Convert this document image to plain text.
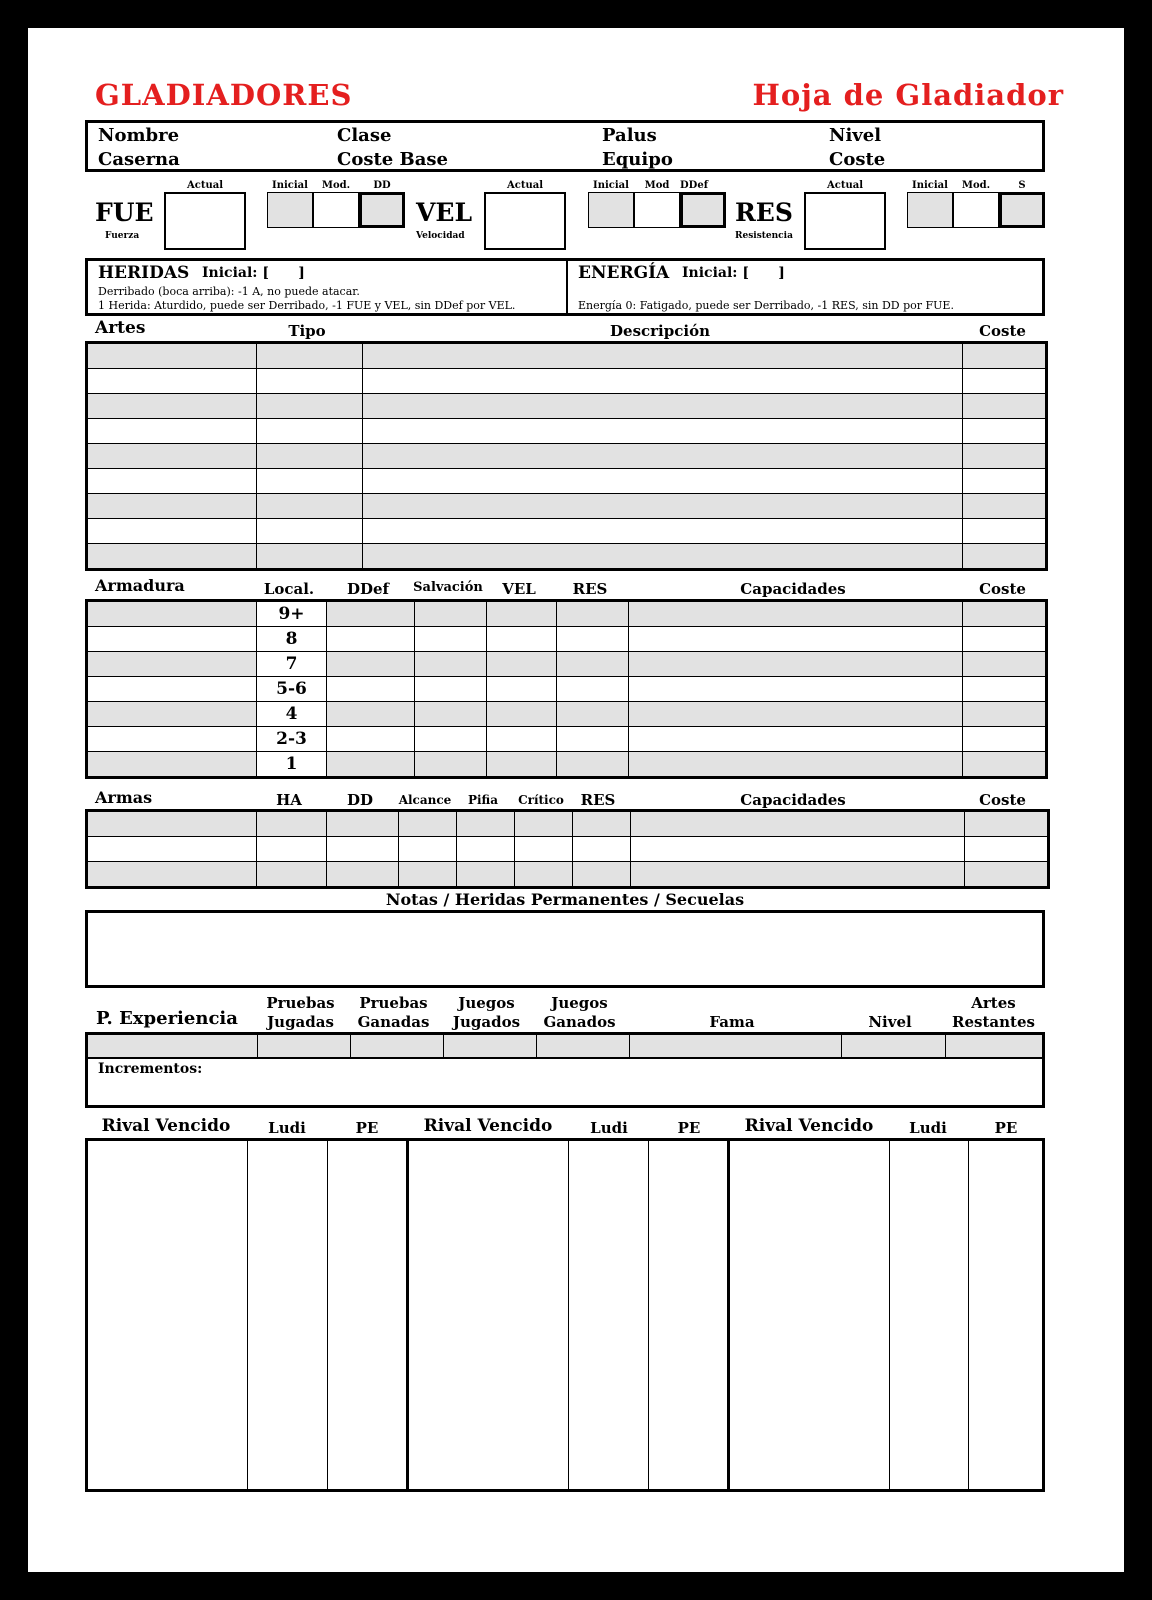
GLADIADORES	Hoja de Gladiador
Nombre
Caserna
Clase
Coste Base
Palus
Equipo
Nivel
Coste
FUE
Fuerza
Actual	Inicial	Mod.	DD
VEL
Velocidad
Actual	Inicial	Mod	DDef
RES
Resistencia
Actual	Inicial	Mod.	S
HERIDAS Inicial: [      ]
Derribado (boca arriba): -1 A, no puede atacar.
1 Herida: Aturdido, puede ser Derribado, -1 FUE y VEL, sin DDef por VEL.
ENERGÍA Inicial: [      ]
Energía 0: Fatigado, puede ser Derribado, -1 RES, sin DD por FUE.
Artes	Tipo	Descripción	Coste

Armadura	Local.	DDef	Salvación	VEL	RES	Capacidades	Coste
	9+						
	8						
	7						
	5-6						
	4						
	2-3						
	1						
Armas	HA	DD	Alcance	Pifia	Crítico	RES	Capacidades	Coste

Notas / Heridas Permanentes / Secuelas
P. Experiencia
Pruebas
Jugadas
Pruebas
Ganadas
Juegos
Jugados
Juegos
Ganados	Fama	Nivel
Artes
Restantes
Incrementos:
Rival Vencido	Ludi	PE	Rival Vencido	Ludi	PE	Rival Vencido	Ludi	PE
